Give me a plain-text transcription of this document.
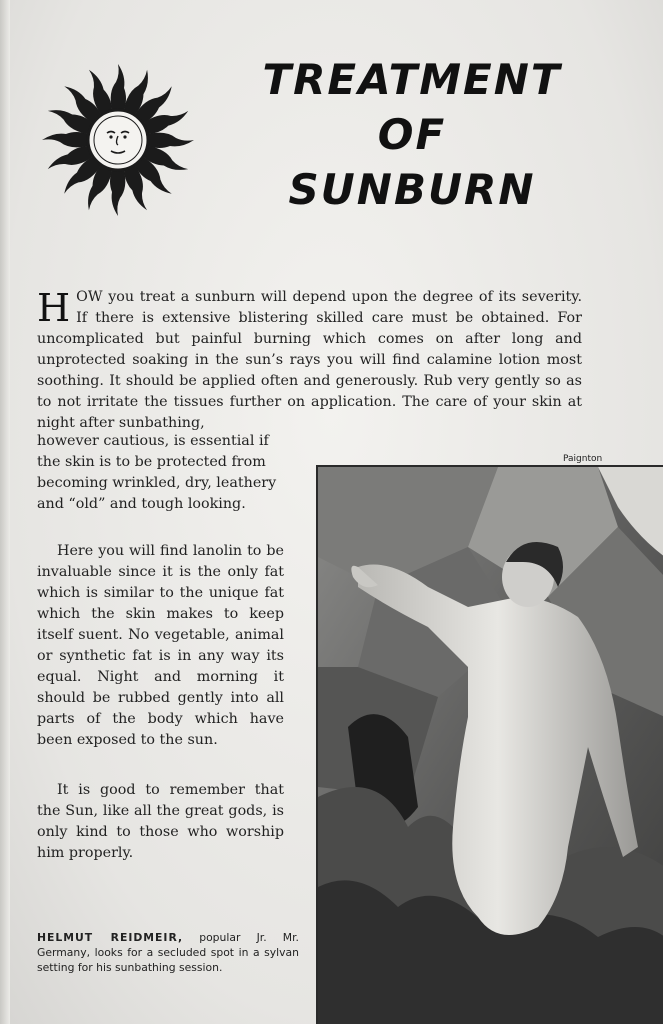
TREATMENT
OF
SUNBURN
H OW you treat a sunburn will depend upon the degree of its severity. If there is extensive blistering skilled care must be obtained. For uncomplicated but painful burning which comes on after long and unprotected soaking in the sun’s rays you will find calamine lotion most soothing. It should be applied often and generously. Rub very gently so as to not irritate the tissues further on application. The care of your skin at night after sunbathing,
however cautious, is essential if the skin is to be protected from becoming wrinkled, dry, leathery and “old” and tough looking.
Here you will find lanolin to be invaluable since it is the only fat which is similar to the unique fat which the skin makes to keep itself suent. No vegetable, animal or synthetic fat is in any way its equal. Night and morning it should be rubbed gently into all parts of the body which have been exposed to the sun.
It is good to remember that the Sun, like all the great gods, is only kind to those who worship him properly.
HELMUT REIDMEIR, popular Jr. Mr. Germany, looks for a secluded spot in a sylvan setting for his sunbathing session.
Paignton
